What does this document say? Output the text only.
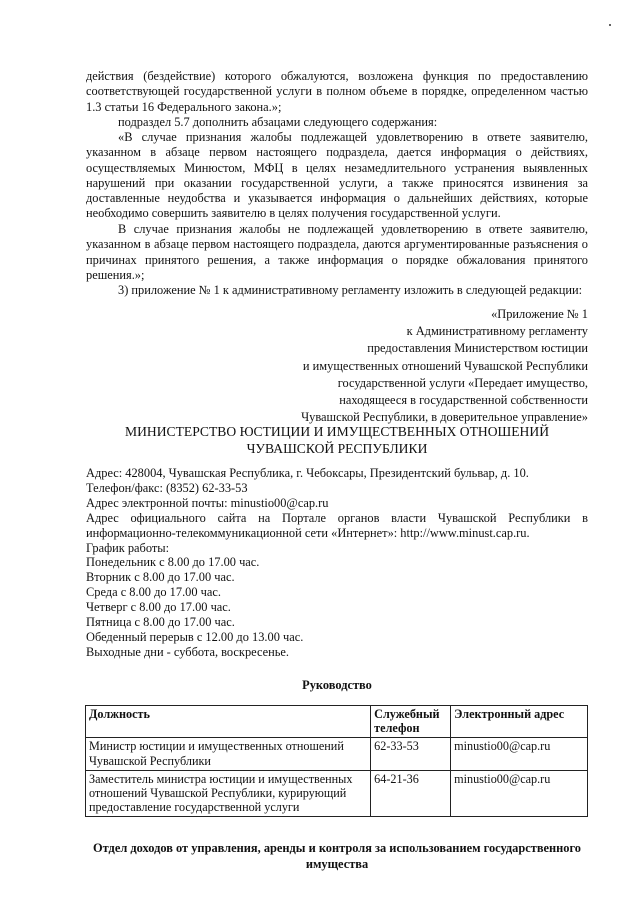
действия (бездействие) которого обжалуются, возложена функция по предоставлению соответствующей государственной услуги в полном объеме в порядке, определенном частью 1.3 статьи 16 Федерального закона.»;

подраздел 5.7 дополнить абзацами следующего содержания:

«В случае признания жалобы подлежащей удовлетворению в ответе заявителю, указанном в абзаце первом настоящего подраздела, дается информация о действиях, осуществляемых Минюстом, МФЦ в целях незамедлительного устранения выявленных нарушений при оказании государственной услуги, а также приносятся извинения за доставленные неудобства и указывается информация о дальнейших действиях, которые необходимо совершить заявителю в целях получения государственной услуги.

В случае признания жалобы не подлежащей удовлетворению в ответе заявителю, указанном в абзаце первом настоящего подраздела, даются аргументированные разъяснения о причинах принятого решения, а также информация о порядке обжалования принятого решения.»;

3) приложение № 1 к административному регламенту изложить в следующей редакции:

«Приложение № 1
к Административному регламенту
предоставления Министерством юстиции
и имущественных отношений Чувашской Республики
государственной услуги «Передает имущество,
находящееся в государственной собственности
Чувашской Республики, в доверительное управление»

МИНИСТЕРСТВО ЮСТИЦИИ И ИМУЩЕСТВЕННЫХ ОТНОШЕНИЙ ЧУВАШСКОЙ РЕСПУБЛИКИ

Адрес: 428004, Чувашская Республика, г. Чебоксары, Президентский бульвар, д. 10.
Телефон/факс: (8352) 62-33-53
Адрес электронной почты: minustio00@cap.ru
Адрес официального сайта на Портале органов власти Чувашской Республики в информационно-телекоммуникационной сети «Интернет»: http://www.minust.cap.ru.
График работы:
Понедельник с 8.00 до 17.00 час.
Вторник с 8.00 до 17.00 час.
Среда с 8.00 до 17.00 час.
Четверг с 8.00 до 17.00 час.
Пятница с 8.00 до 17.00 час.
Обеденный перерыв с 12.00 до 13.00 час.
Выходные дни - суббота, воскресенье.

Руководство

Должность	Служебный телефон	Электронный адрес
Министр юстиции и имущественных отношений Чувашской Республики	62-33-53	minustio00@cap.ru
Заместитель министра юстиции и имущественных отношений Чувашской Республики, курирующий предоставление государственной услуги	64-21-36	minustio00@cap.ru

Отдел доходов от управления, аренды и контроля за использованием государственного имущества
